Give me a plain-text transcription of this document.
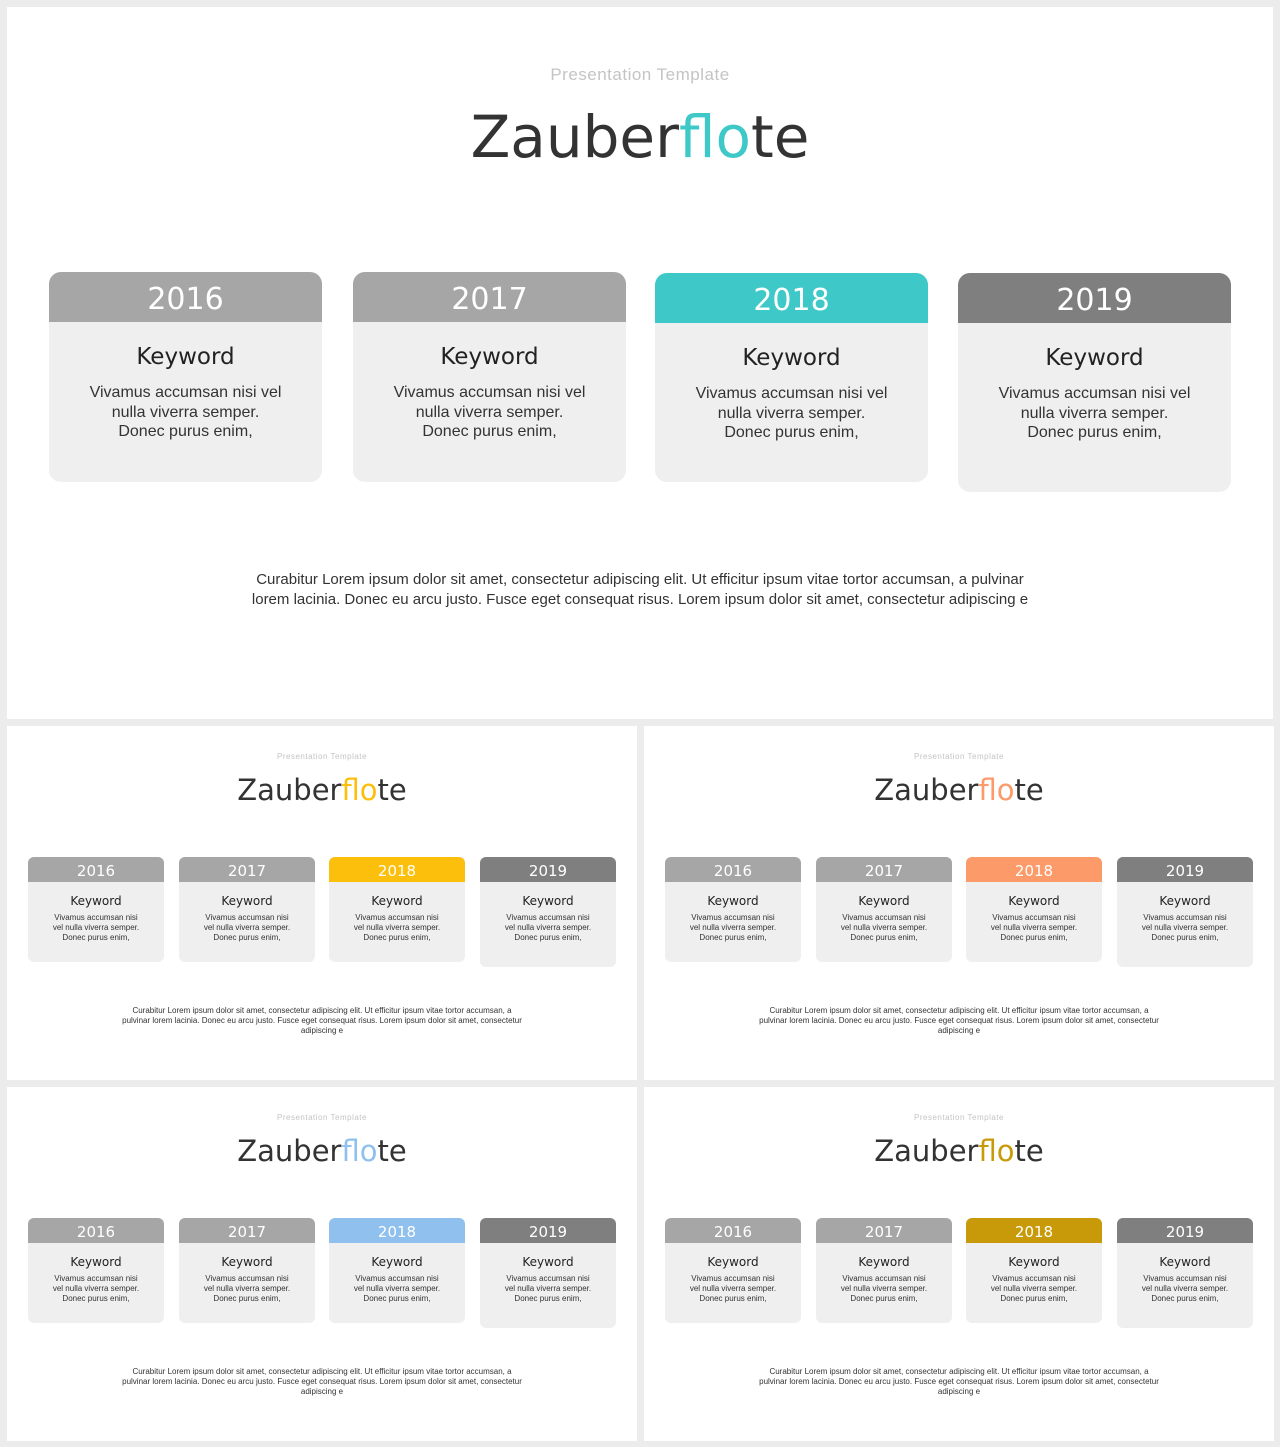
Presentation Template
Zauberflote
2016
Keyword
Vivamus accumsan nisi vel nulla viverra semper. Donec purus enim,
2017
Keyword
Vivamus accumsan nisi vel nulla viverra semper. Donec purus enim,
2018
Keyword
Vivamus accumsan nisi vel nulla viverra semper. Donec purus enim,
2019
Keyword
Vivamus accumsan nisi vel nulla viverra semper. Donec purus enim,
Curabitur Lorem ipsum dolor sit amet, consectetur adipiscing elit. Ut efficitur ipsum vitae tortor accumsan, a pulvinar lorem lacinia. Donec eu arcu justo. Fusce eget consequat risus. Lorem ipsum dolor sit amet, consectetur adipiscing e
Presentation Template
Zauberflote
2016
Keyword
Vivamus accumsan nisi vel nulla viverra semper. Donec purus enim,
2017
Keyword
Vivamus accumsan nisi vel nulla viverra semper. Donec purus enim,
2018
Keyword
Vivamus accumsan nisi vel nulla viverra semper. Donec purus enim,
2019
Keyword
Vivamus accumsan nisi vel nulla viverra semper. Donec purus enim,
Curabitur Lorem ipsum dolor sit amet, consectetur adipiscing elit. Ut efficitur ipsum vitae tortor accumsan, a pulvinar lorem lacinia. Donec eu arcu justo. Fusce eget consequat risus. Lorem ipsum dolor sit amet, consectetur adipiscing e
Presentation Template
Zauberflote
2016
Keyword
Vivamus accumsan nisi vel nulla viverra semper. Donec purus enim,
2017
Keyword
Vivamus accumsan nisi vel nulla viverra semper. Donec purus enim,
2018
Keyword
Vivamus accumsan nisi vel nulla viverra semper. Donec purus enim,
2019
Keyword
Vivamus accumsan nisi vel nulla viverra semper. Donec purus enim,
Curabitur Lorem ipsum dolor sit amet, consectetur adipiscing elit. Ut efficitur ipsum vitae tortor accumsan, a pulvinar lorem lacinia. Donec eu arcu justo. Fusce eget consequat risus. Lorem ipsum dolor sit amet, consectetur adipiscing e
Presentation Template
Zauberflote
2016
Keyword
Vivamus accumsan nisi vel nulla viverra semper. Donec purus enim,
2017
Keyword
Vivamus accumsan nisi vel nulla viverra semper. Donec purus enim,
2018
Keyword
Vivamus accumsan nisi vel nulla viverra semper. Donec purus enim,
2019
Keyword
Vivamus accumsan nisi vel nulla viverra semper. Donec purus enim,
Curabitur Lorem ipsum dolor sit amet, consectetur adipiscing elit. Ut efficitur ipsum vitae tortor accumsan, a pulvinar lorem lacinia. Donec eu arcu justo. Fusce eget consequat risus. Lorem ipsum dolor sit amet, consectetur adipiscing e
Presentation Template
Zauberflote
2016
Keyword
Vivamus accumsan nisi vel nulla viverra semper. Donec purus enim,
2017
Keyword
Vivamus accumsan nisi vel nulla viverra semper. Donec purus enim,
2018
Keyword
Vivamus accumsan nisi vel nulla viverra semper. Donec purus enim,
2019
Keyword
Vivamus accumsan nisi vel nulla viverra semper. Donec purus enim,
Curabitur Lorem ipsum dolor sit amet, consectetur adipiscing elit. Ut efficitur ipsum vitae tortor accumsan, a pulvinar lorem lacinia. Donec eu arcu justo. Fusce eget consequat risus. Lorem ipsum dolor sit amet, consectetur adipiscing e
